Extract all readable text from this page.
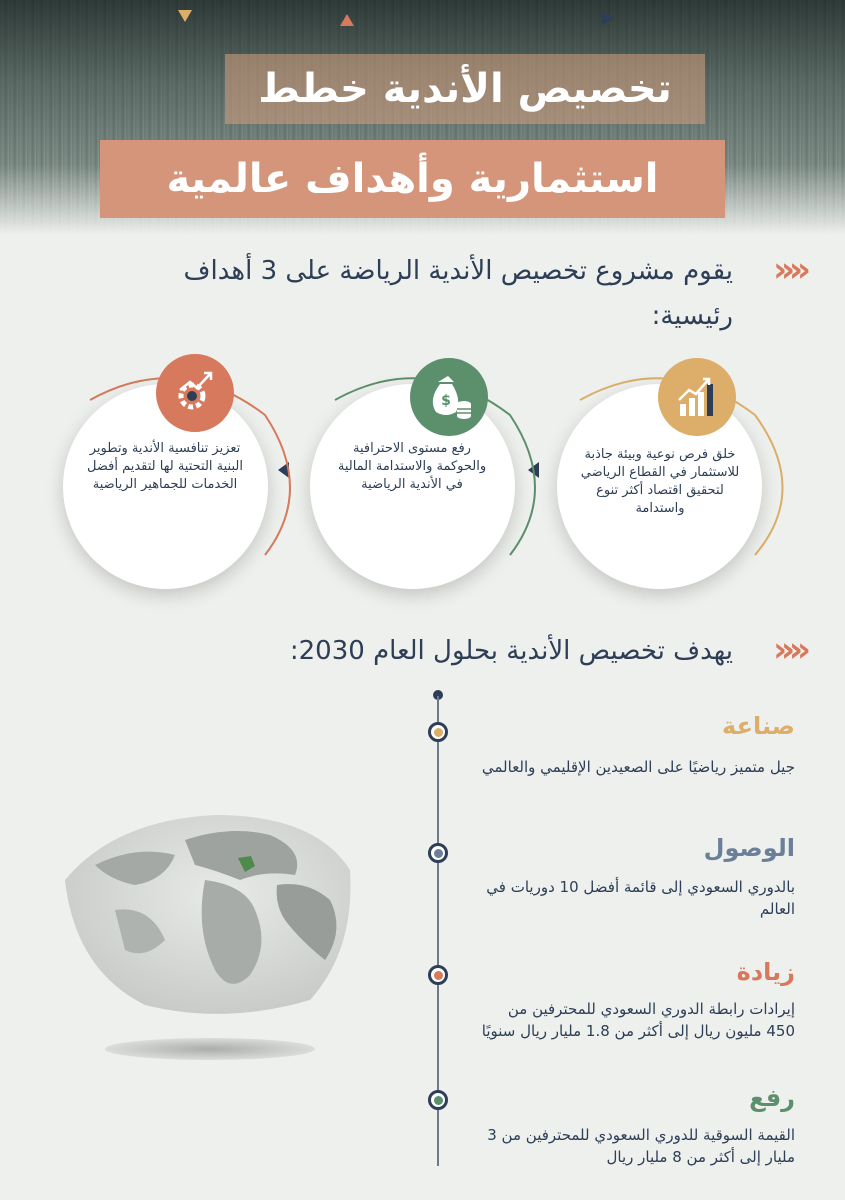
تخصيص الأندية خطط
استثمارية وأهداف عالمية
«««
يقوم مشروع تخصيص الأندية الرياضة على 3 أهداف
رئيسية:
خلق فرص نوعية وبيئة جاذبة للاستثمار في القطاع الرياضي لتحقيق اقتصاد أكثر تنوع واستدامة
$
رفع مستوى الاحترافية والحوكمة والاستدامة المالية في الأندية الرياضية
تعزيز تنافسية الأندية وتطوير البنية التحتية لها لتقديم أفضل الخدمات للجماهير الرياضية
«««
يهدف تخصيص الأندية بحلول العام 2030:
صناعة
جيل متميز رياضيًا على الصعيدين الإقليمي والعالمي
الوصول
بالدوري السعودي إلى قائمة أفضل 10 دوريات في العالم
زيادة
إيرادات رابطة الدوري السعودي للمحترفين من 450 مليون ريال إلى أكثر من 1.8 مليار ريال سنويًا
رفع
القيمة السوقية للدوري السعودي للمحترفين من 3 مليار إلى أكثر من 8 مليار ريال
